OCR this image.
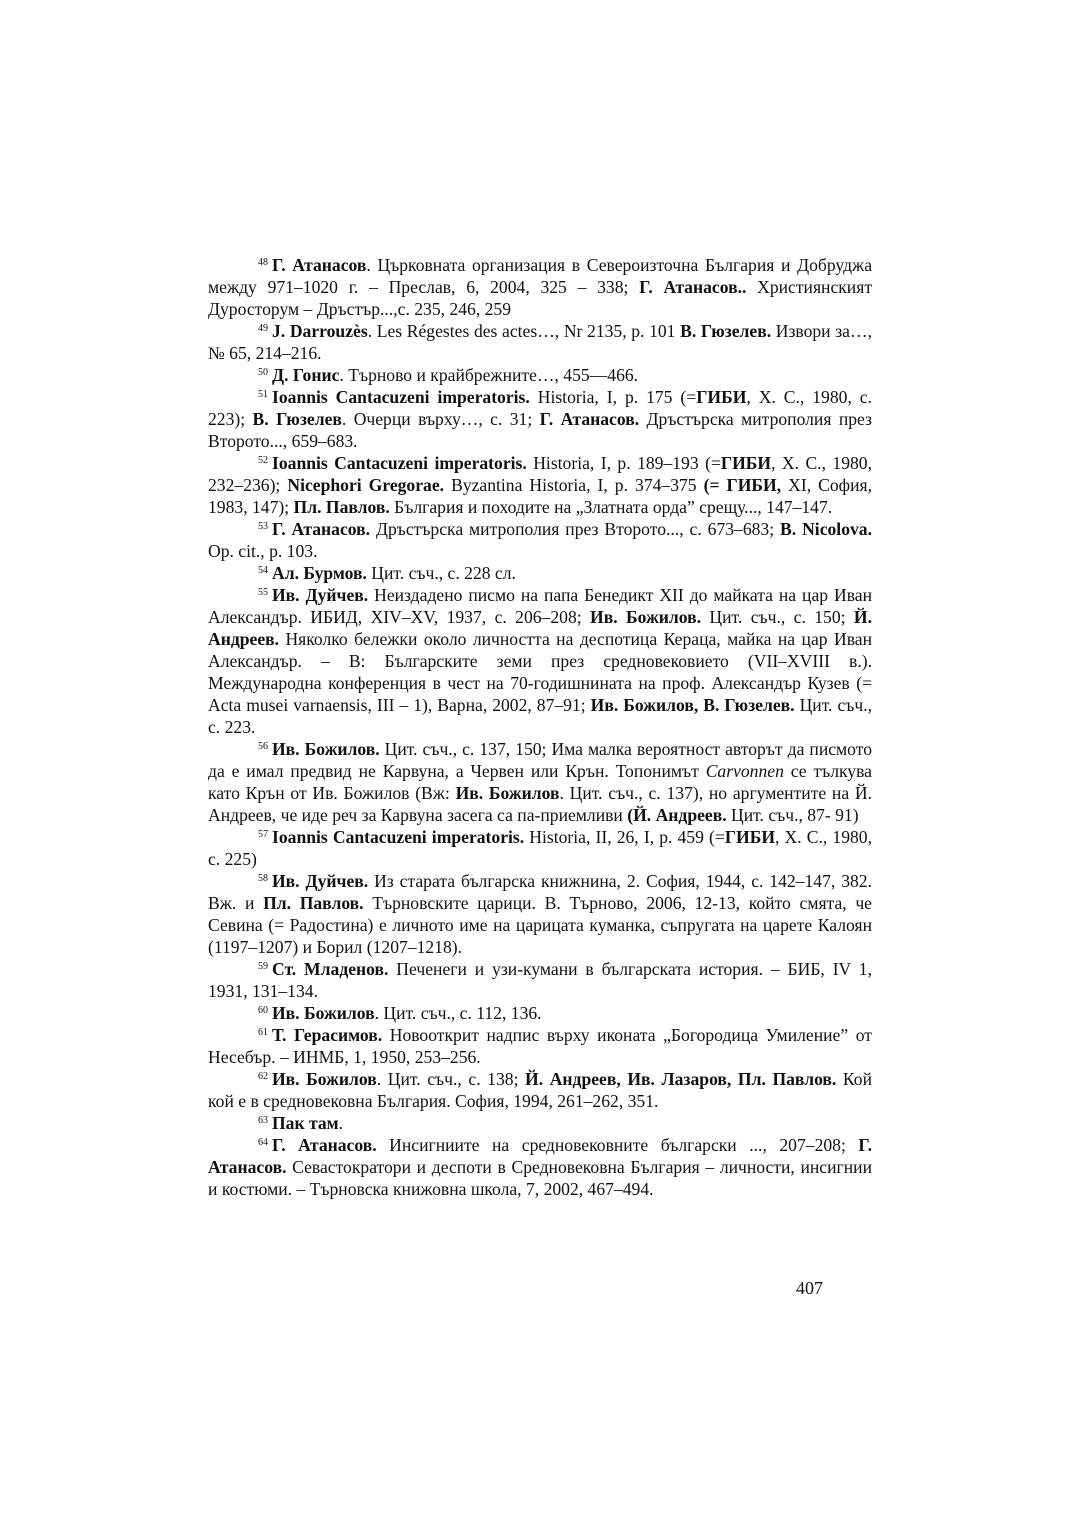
$^{48}$ Г. Атанасов. Църковната организация в Североизточна България и Добруджа между 971–1020 г. – Преслав, 6, 2004, 325 – 338; Г. Атанасов.. Християнският Дуросторум – Дръстър...,с. 235, 246, 259

$^{49}$ J. Darrouzès. Les Régestes des actes…, Nr 2135, p. 101 В. Гюзелев. Извори за…, № 65, 214–216.

$^{50}$ Д. Гонис. Търново и крайбрежните…, 455—466.

$^{51}$ Ioannis Cantacuzeni imperatoris. Historia, I, p. 175 (=ГИБИ, X. C., 1980, c. 223); В. Гюзелев. Очерци върху…, с. 31; Г. Атанасов. Дръстърска митрополия през Второто..., 659–683.

$^{52}$ Ioannis Cantacuzeni imperatoris. Historia, I, p. 189–193 (=ГИБИ, X. C., 1980, 232–236); Nicephori Gregorae. Byzantina Historia, I, p. 374–375 (= ГИБИ, XI, София, 1983, 147); Пл. Павлов. България и походите на „Златната орда” срещу..., 147–147.

$^{53}$ Г. Атанасов. Дръстърска митрополия през Второто..., с. 673–683; B. Nicolova. Op. cit., p. 103.

$^{54}$ Ал. Бурмов. Цит. съч., с. 228 сл.

$^{55}$ Ив. Дуйчев. Неиздадено писмо на папа Бенедикт XII до майката на цар Иван Александър. ИБИД, XIV–XV, 1937, с. 206–208; Ив. Божилов. Цит. съч., с. 150; Й. Андреев. Няколко бележки около личността на деспотица Кераца, майка на цар Иван Александър. – В: Българските земи през средновековието (VII–XVIII в.). Международна конференция в чест на 70-годишнината на проф. Александър Кузев (= Acta musei varnaensis, III – 1), Варна, 2002, 87–91; Ив. Божилов, В. Гюзелев. Цит. съч., с. 223.

$^{56}$ Ив. Божилов. Цит. съч., с. 137, 150; Има малка вероятност авторът да писмото да е имал предвид не Карвуна, а Червен или Крън. Топонимът Carvonnen се тълкува като Крън от Ив. Божилов (Вж: Ив. Божилов. Цит. съч., с. 137), но аргументите на Й. Андреев, че иде реч за Карвуна засега са па-приемливи (Й. Андреев. Цит. съч., 87- 91)

$^{57}$ Ioannis Cantacuzeni imperatoris. Historia, II, 26, I, p. 459 (=ГИБИ, X. C., 1980, c. 225)

$^{58}$ Ив. Дуйчев. Из старата българска книжнина, 2. София, 1944, с. 142–147, 382. Вж. и Пл. Павлов. Търновските царици. В. Търново, 2006, 12-13, който смята, че Севина (= Радостина) е личното име на царицата куманка, съпругата на царете Калоян (1197–1207) и Борил (1207–1218).

$^{59}$ Ст. Младенов. Печенеги и узи-кумани в българската история. – БИБ, IV 1, 1931, 131–134.

$^{60}$ Ив. Божилов. Цит. съч., с. 112, 136.

$^{61}$ Т. Герасимов. Новооткрит надпис върху иконата „Богородица Умиление” от Несебър. – ИНМБ, 1, 1950, 253–256.

$^{62}$ Ив. Божилов. Цит. съч., с. 138; Й. Андреев, Ив. Лазаров, Пл. Павлов. Кой кой е в средновековна България. София, 1994, 261–262, 351.

$^{63}$ Пак там.

$^{64}$ Г. Атанасов. Инсигниите на средновековните български ..., 207–208; Г. Атанасов. Севастократори и деспоти в Средновековна България – личности, инсигнии и костюми. – Търновска книжовна школа, 7, 2002, 467–494.

407
